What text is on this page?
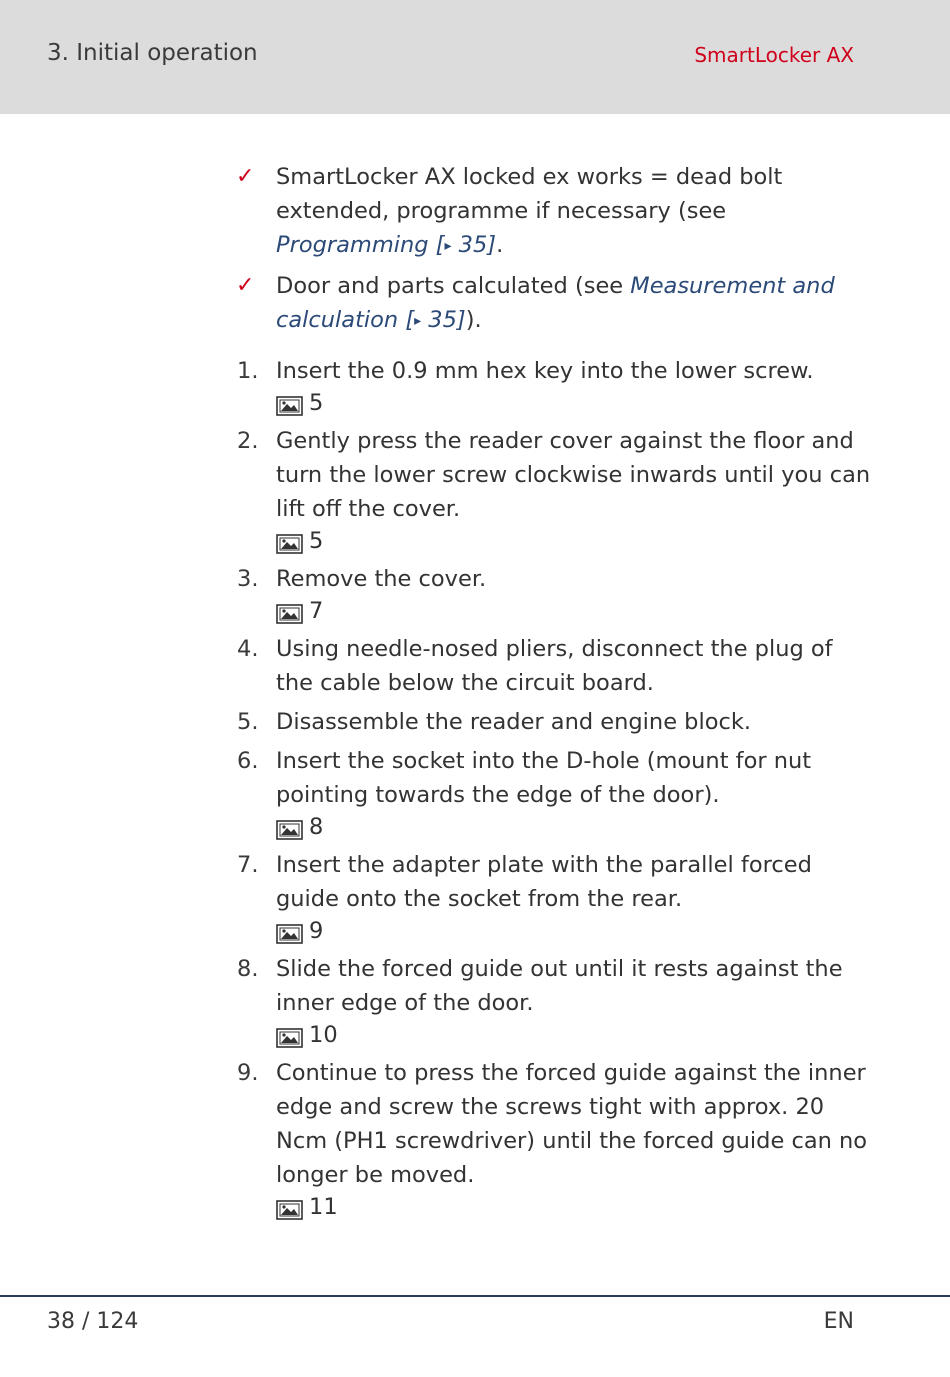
3. Initial operation	SmartLocker AX
✓ SmartLocker AX locked ex works = dead bolt extended, programme if necessary (see Programming [▸ 35].
✓ Door and parts calculated (see Measurement and calculation [▸ 35]).
1. Insert the 0.9 mm hex key into the lower screw.
5
2. Gently press the reader cover against the floor and turn the lower screw clockwise inwards until you can lift off the cover.
5
3. Remove the cover.
7
4. Using needle-nosed pliers, disconnect the plug of the cable below the circuit board.
5. Disassemble the reader and engine block.
6. Insert the socket into the D-hole (mount for nut pointing towards the edge of the door).
8
7. Insert the adapter plate with the parallel forced guide onto the socket from the rear.
9
8. Slide the forced guide out until it rests against the inner edge of the door.
10
9. Continue to press the forced guide against the inner edge and screw the screws tight with approx. 20 Ncm (PH1 screwdriver) until the forced guide can no longer be moved.
11
38 / 124	EN
